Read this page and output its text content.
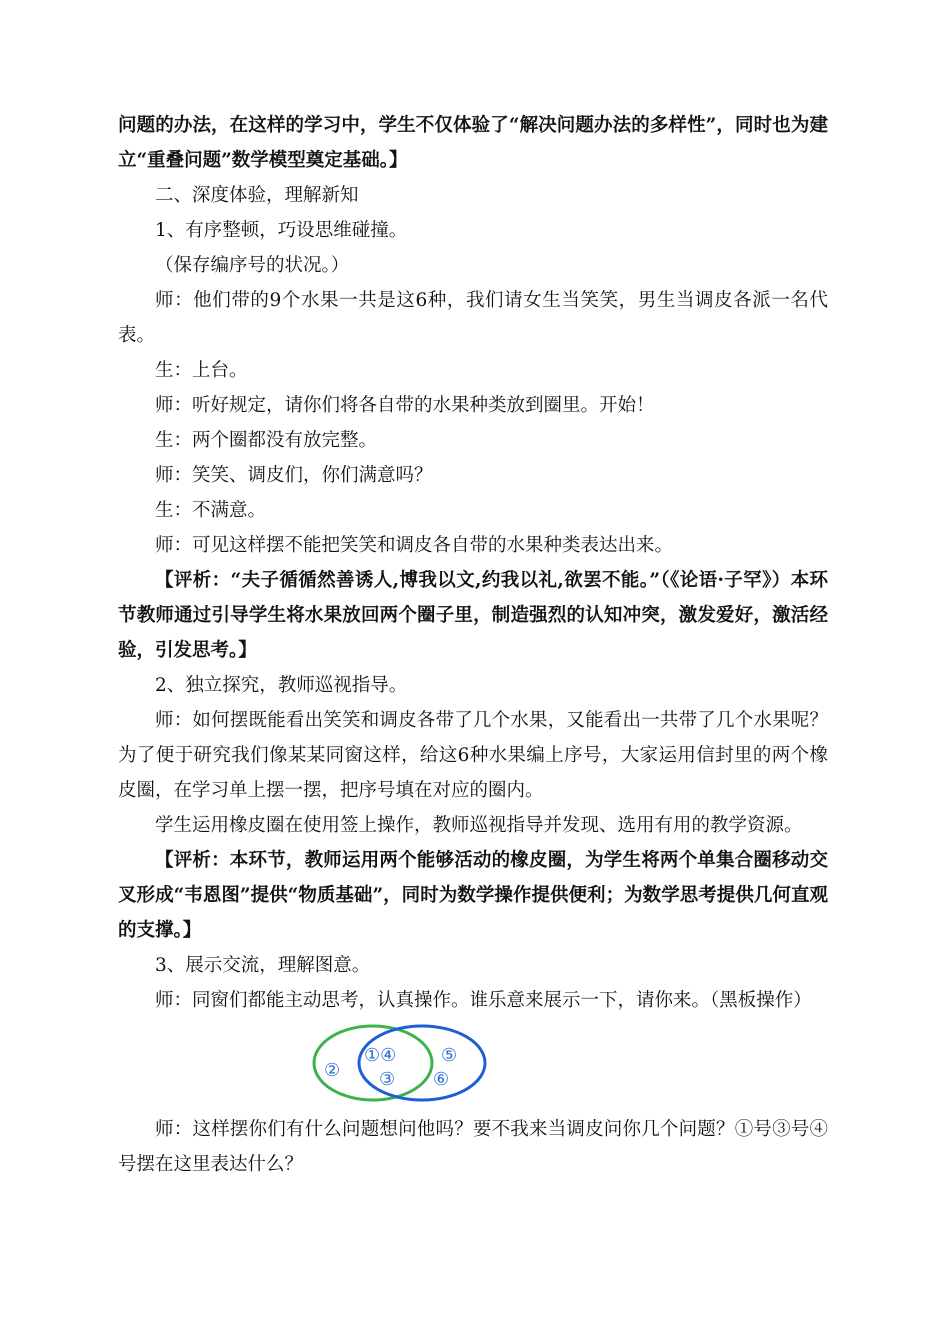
问题的办法，在这样的学习中，学生不仅体验了“解决问题办法的多样性”，同时也为建立“重叠问题”数学模型奠定基础。】

二、深度体验，理解新知

1、有序整顿，巧设思维碰撞。

（保存编序号的状况。）

师：他们带的9个水果一共是这6种，我们请女生当笑笑，男生当调皮各派一名代表。

生：上台。

师：听好规定，请你们将各自带的水果种类放到圈里。开始！

生：两个圈都没有放完整。

师：笑笑、调皮们，你们满意吗？

生：不满意。

师：可见这样摆不能把笑笑和调皮各自带的水果种类表达出来。

【评析：“夫子循循然善诱人,博我以文,约我以礼,欲罢不能。”（《论语·子罕》）本环节教师通过引导学生将水果放回两个圈子里，制造强烈的认知冲突，激发爱好，激活经验，引发思考。】

2、独立探究，教师巡视指导。

师：如何摆既能看出笑笑和调皮各带了几个水果，又能看出一共带了几个水果呢？为了便于研究我们像某某同窗这样，给这6种水果编上序号，大家运用信封里的两个橡皮圈，在学习单上摆一摆，把序号填在对应的圈内。

学生运用橡皮圈在使用签上操作，教师巡视指导并发现、选用有用的教学资源。

【评析：本环节，教师运用两个能够活动的橡皮圈，为学生将两个单集合圈移动交叉形成“韦恩图”提供“物质基础”，同时为数学操作提供便利；为数学思考提供几何直观的支撑。】

3、展示交流，理解图意。

师：同窗们都能主动思考，认真操作。谁乐意来展示一下，请你来。（黑板操作）

②
①④
③
⑤
⑥

师：这样摆你们有什么问题想问他吗？要不我来当调皮问你几个问题？①号③号④号摆在这里表达什么？
